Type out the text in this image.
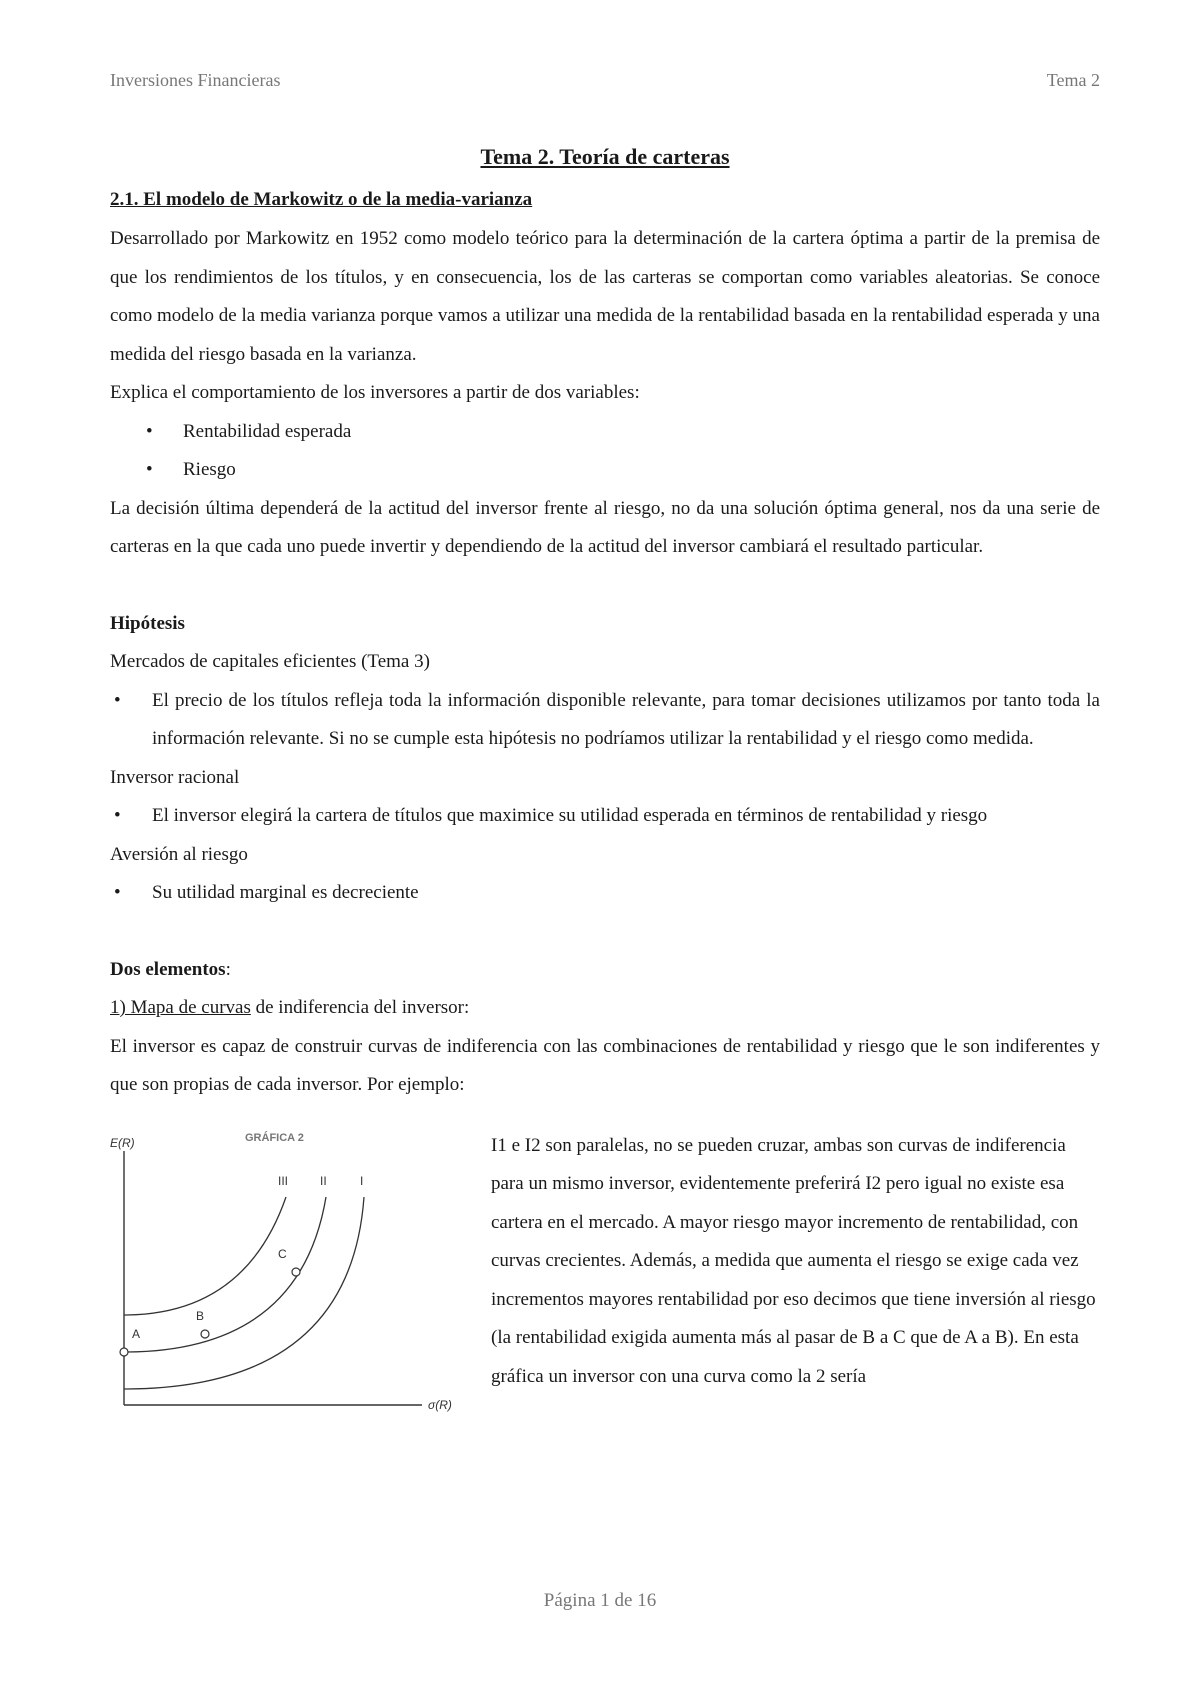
Inversiones Financieras	Tema 2
Tema 2. Teoría de carteras
2.1. El modelo de Markowitz o de la media-varianza

Desarrollado por Markowitz en 1952 como modelo teórico para la determinación de la cartera óptima a partir de la premisa de que los rendimientos de los títulos, y en consecuencia, los de las carteras se comportan como variables aleatorias. Se conoce como modelo de la media varianza porque vamos a utilizar una medida de la rentabilidad basada en la rentabilidad esperada y una medida del riesgo basada en la varianza.

Explica el comportamiento de los inversores a partir de dos variables:

• Rentabilidad esperada
• Riesgo

La decisión última dependerá de la actitud del inversor frente al riesgo, no da una solución óptima general, nos da una serie de carteras en la que cada uno puede invertir y dependiendo de la actitud del inversor cambiará el resultado particular.

Hipótesis

Mercados de capitales eficientes (Tema 3)

• El precio de los títulos refleja toda la información disponible relevante, para tomar decisiones utilizamos por tanto toda la información relevante. Si no se cumple esta hipótesis no podríamos utilizar la rentabilidad y el riesgo como medida.

Inversor racional

• El inversor elegirá la cartera de títulos que maximice su utilidad esperada en términos de rentabilidad y riesgo

Aversión al riesgo

• Su utilidad marginal es decreciente

Dos elementos:

1) Mapa de curvas de indiferencia del inversor:

El inversor es capaz de construir curvas de indiferencia con las combinaciones de rentabilidad y riesgo que le son indiferentes y que son propias de cada inversor. Por ejemplo:

E(R)	GRÁFICA 2
σ(R)
III	II	I
A
B
C

I1 e I2 son paralelas, no se pueden cruzar, ambas son curvas de indiferencia para un mismo inversor, evidentemente preferirá I2 pero igual no existe esa cartera en el mercado. A mayor riesgo mayor incremento de rentabilidad, con curvas crecientes. Además, a medida que aumenta el riesgo se exige cada vez incrementos mayores rentabilidad por eso decimos que tiene inversión al riesgo (la rentabilidad exigida aumenta más al pasar de B a C que de A a B). En esta gráfica un inversor con una curva como la 2 sería

Página 1 de 16
